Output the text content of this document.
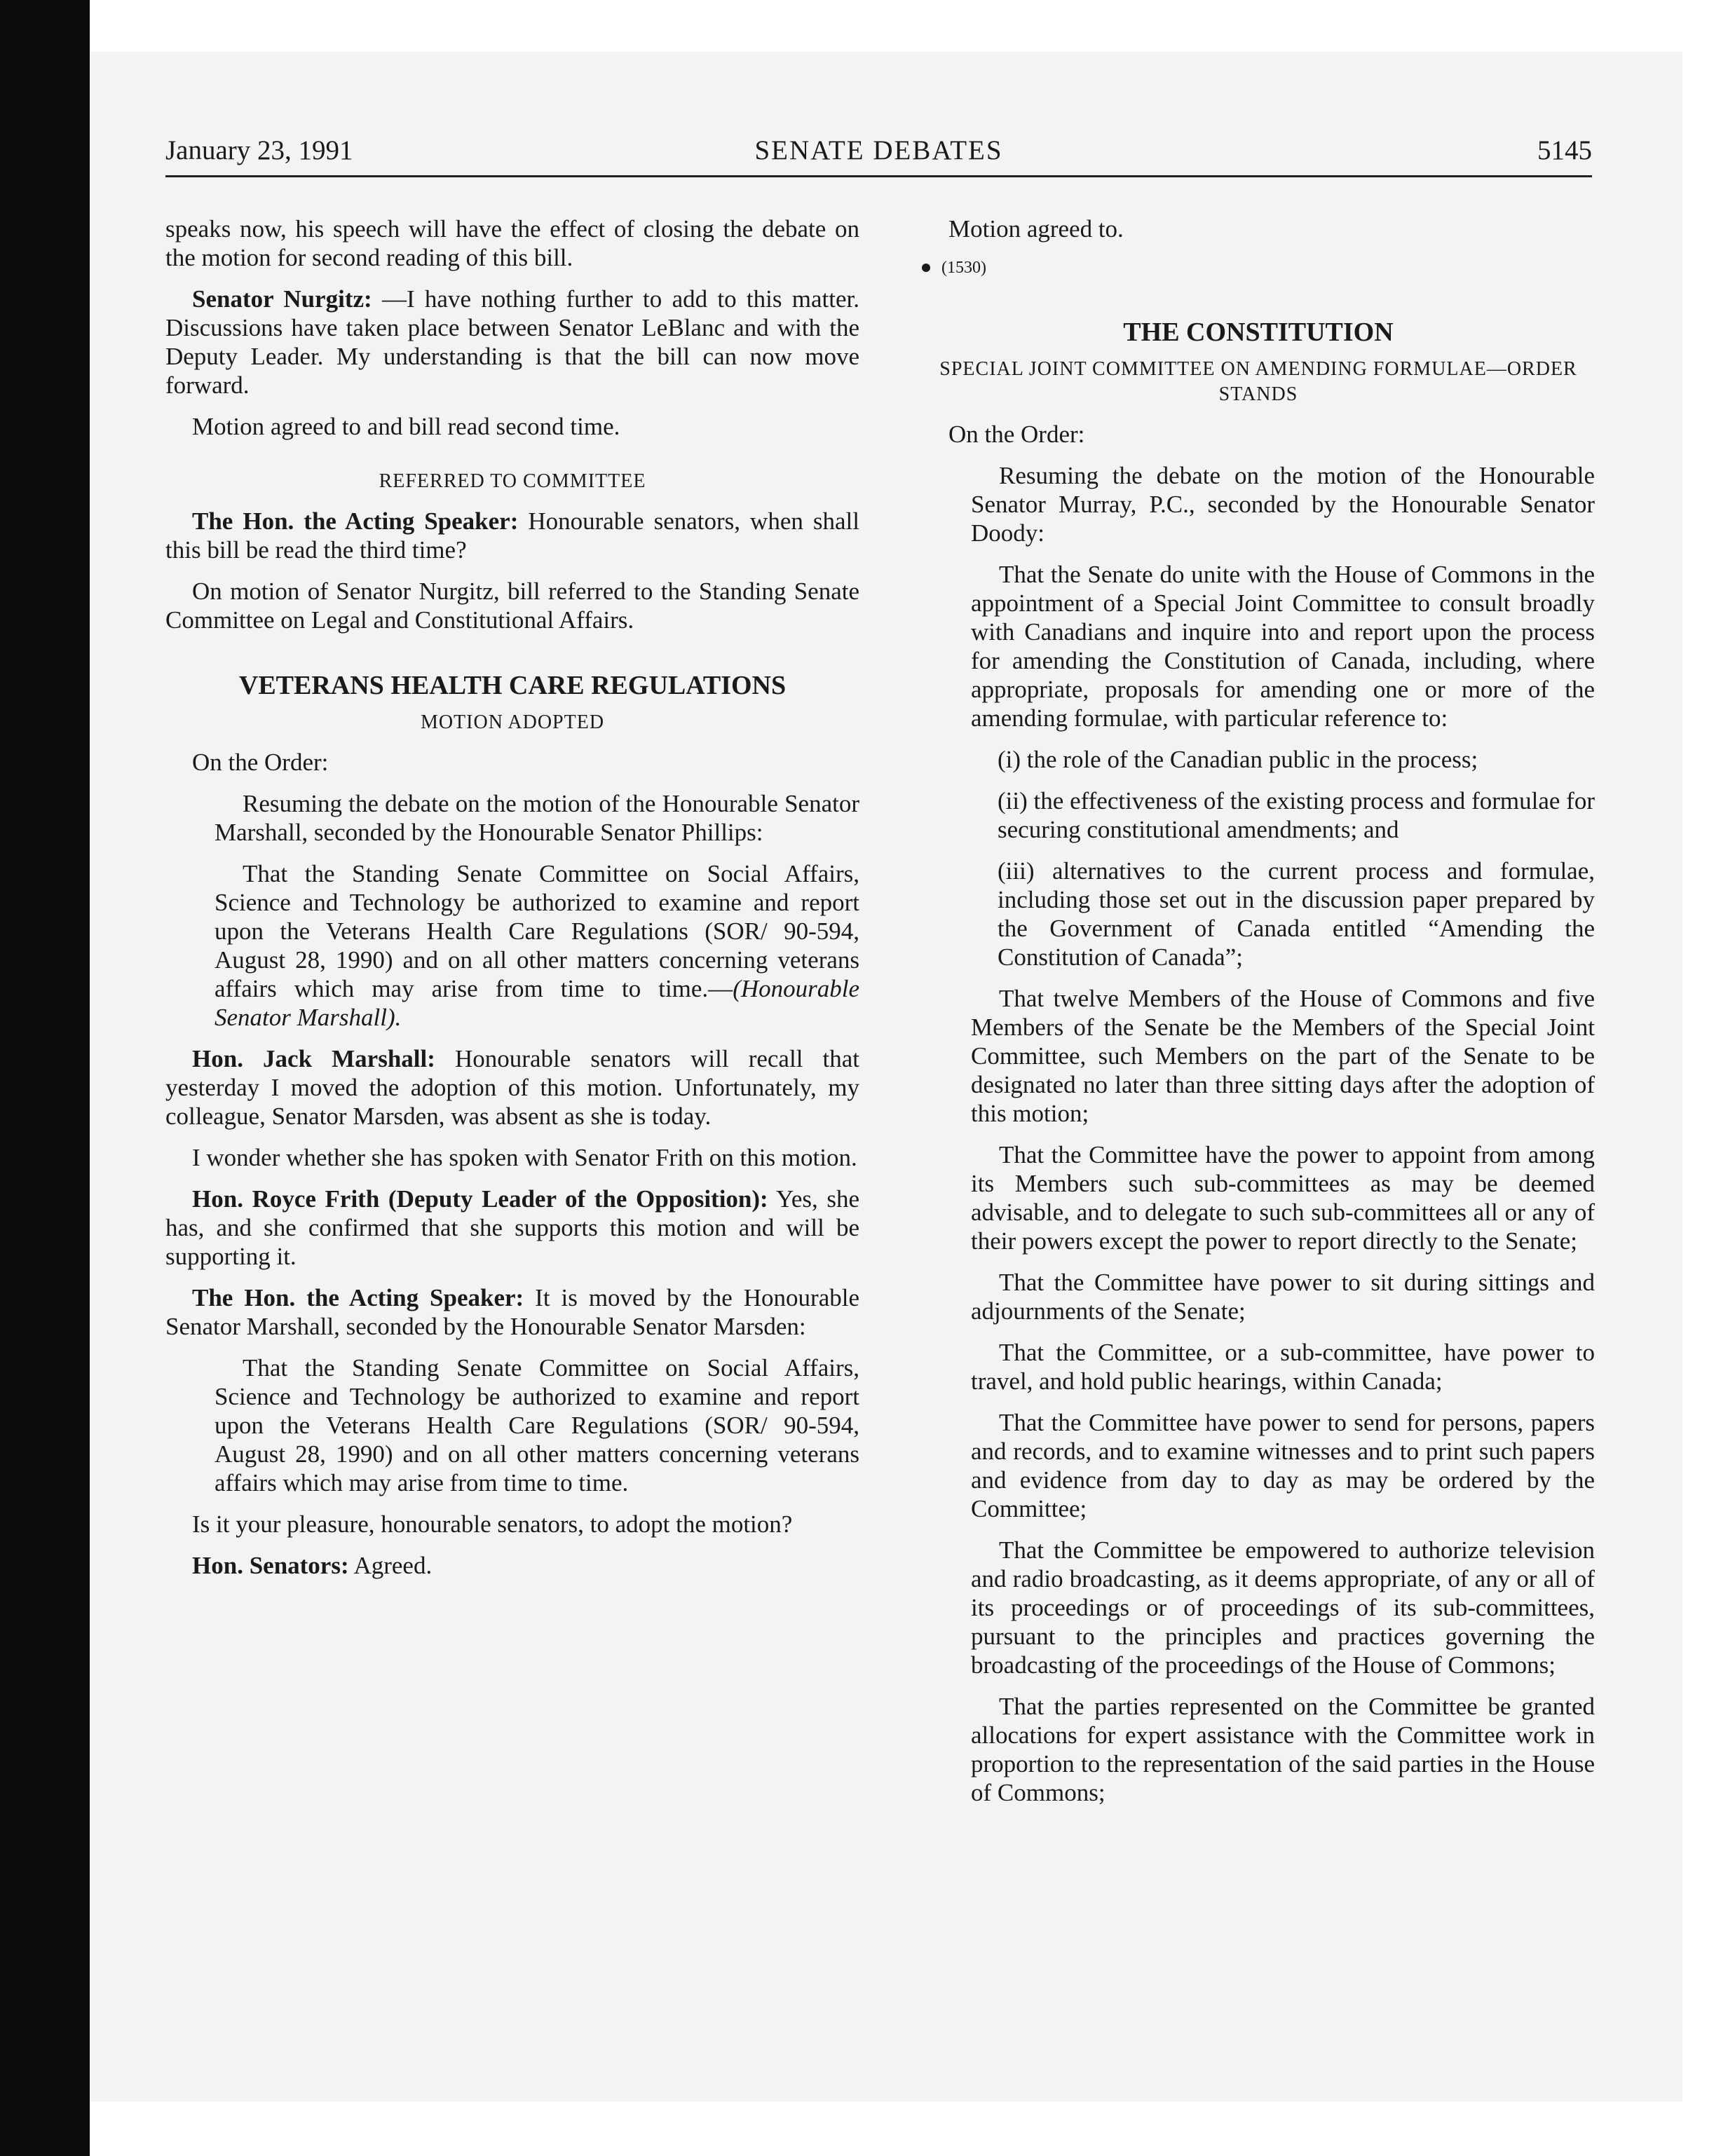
January 23, 1991	SENATE DEBATES	5145

speaks now, his speech will have the effect of closing the debate on the motion for second reading of this bill.

Senator Nurgitz: —I have nothing further to add to this matter. Discussions have taken place between Senator LeBlanc and with the Deputy Leader. My understanding is that the bill can now move forward.

Motion agreed to and bill read second time.

REFERRED TO COMMITTEE

The Hon. the Acting Speaker: Honourable senators, when shall this bill be read the third time?

On motion of Senator Nurgitz, bill referred to the Standing Senate Committee on Legal and Constitutional Affairs.

VETERANS HEALTH CARE REGULATIONS
MOTION ADOPTED

On the Order:

Resuming the debate on the motion of the Honourable Senator Marshall, seconded by the Honourable Senator Phillips:

That the Standing Senate Committee on Social Affairs, Science and Technology be authorized to examine and report upon the Veterans Health Care Regulations (SOR/ 90-594, August 28, 1990) and on all other matters concerning veterans affairs which may arise from time to time.—(Honourable Senator Marshall).

Hon. Jack Marshall: Honourable senators will recall that yesterday I moved the adoption of this motion. Unfortunately, my colleague, Senator Marsden, was absent as she is today.

I wonder whether she has spoken with Senator Frith on this motion.

Hon. Royce Frith (Deputy Leader of the Opposition): Yes, she has, and she confirmed that she supports this motion and will be supporting it.

The Hon. the Acting Speaker: It is moved by the Honourable Senator Marshall, seconded by the Honourable Senator Marsden:

That the Standing Senate Committee on Social Affairs, Science and Technology be authorized to examine and report upon the Veterans Health Care Regulations (SOR/ 90-594, August 28, 1990) and on all other matters concerning veterans affairs which may arise from time to time.

Is it your pleasure, honourable senators, to adopt the motion?

Hon. Senators: Agreed.

Motion agreed to.

(1530)
THE CONSTITUTION
SPECIAL JOINT COMMITTEE ON AMENDING FORMULAE—ORDER STANDS

On the Order:

Resuming the debate on the motion of the Honourable Senator Murray, P.C., seconded by the Honourable Senator Doody:

That the Senate do unite with the House of Commons in the appointment of a Special Joint Committee to consult broadly with Canadians and inquire into and report upon the process for amending the Constitution of Canada, including, where appropriate, proposals for amending one or more of the amending formulae, with particular reference to:

(i) the role of the Canadian public in the process;

(ii) the effectiveness of the existing process and formulae for securing constitutional amendments; and

(iii) alternatives to the current process and formulae, including those set out in the discussion paper prepared by the Government of Canada entitled “Amending the Constitution of Canada”;

That twelve Members of the House of Commons and five Members of the Senate be the Members of the Special Joint Committee, such Members on the part of the Senate to be designated no later than three sitting days after the adoption of this motion;

That the Committee have the power to appoint from among its Members such sub-committees as may be deemed advisable, and to delegate to such sub-committees all or any of their powers except the power to report directly to the Senate;

That the Committee have power to sit during sittings and adjournments of the Senate;

That the Committee, or a sub-committee, have power to travel, and hold public hearings, within Canada;

That the Committee have power to send for persons, papers and records, and to examine witnesses and to print such papers and evidence from day to day as may be ordered by the Committee;

That the Committee be empowered to authorize television and radio broadcasting, as it deems appropriate, of any or all of its proceedings or of proceedings of its sub-committees, pursuant to the principles and practices governing the broadcasting of the proceedings of the House of Commons;

That the parties represented on the Committee be granted allocations for expert assistance with the Committee work in proportion to the representation of the said parties in the House of Commons;
